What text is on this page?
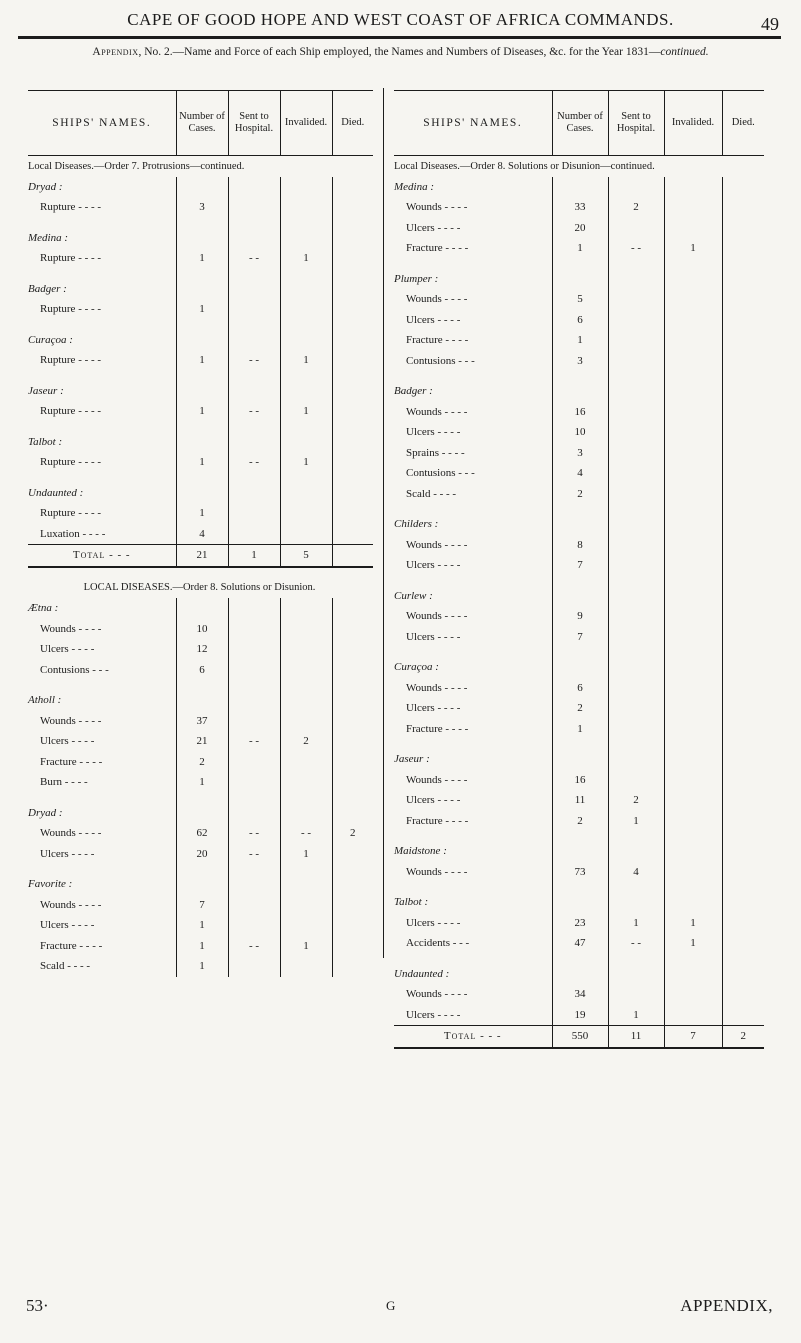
CAPE OF GOOD HOPE AND WEST COAST OF AFRICA COMMANDS.	49
Appendix, No. 2.—Name and Force of each Ship employed, the Names and Numbers of Diseases, &c. for the Year 1831—continued.
SHIPS' NAMES.	Number of Cases.	Sent to Hospital.	Invalided.	Died.
Local Diseases.—Order 7. Protrusions—continued.				
Dryad :				
Rupture - - - -	3			

Medina :				
Rupture - - - -	1	- -	1	

Badger :				
Rupture - - - -	1			

Curaçoa :				
Rupture - - - -	1	- -	1	

Jaseur :				
Rupture - - - -	1	- -	1	

Talbot :				
Rupture - - - -	1	- -	1	

Undaunted :				
Rupture - - - -	1			
Luxation - - - -	4			
Total - - -	21	1	5	

LOCAL DISEASES.—Order 8. Solutions or Disunion.				
Ætna :				
Wounds - - - -	10			
Ulcers - - - -	12			
Contusions - - -	6			

Atholl :				
Wounds - - - -	37			
Ulcers - - - -	21	- -	2	
Fracture - - - -	2			
Burn - - - -	1			

Dryad :				
Wounds - - - -	62	- -	- -	2
Ulcers - - - -	20	- -	1	

Favorite :				
Wounds - - - -	7			
Ulcers - - - -	1			
Fracture - - - -	1	- -	1	
Scald - - - -	1			
SHIPS' NAMES.	Number of Cases.	Sent to Hospital.	Invalided.	Died.
Local Diseases.—Order 8. Solutions or Disunion—continued.				
Medina :				
Wounds - - - -	33	2		
Ulcers - - - -	20			
Fracture - - - -	1	- -	1	

Plumper :				
Wounds - - - -	5			
Ulcers - - - -	6			
Fracture - - - -	1			
Contusions - - -	3			

Badger :				
Wounds - - - -	16			
Ulcers - - - -	10			
Sprains - - - -	3			
Contusions - - -	4			
Scald - - - -	2			

Childers :				
Wounds - - - -	8			
Ulcers - - - -	7			

Curlew :				
Wounds - - - -	9			
Ulcers - - - -	7			

Curaçoa :				
Wounds - - - -	6			
Ulcers - - - -	2			
Fracture - - - -	1			

Jaseur :				
Wounds - - - -	16			
Ulcers - - - -	11	2		
Fracture - - - -	2	1		

Maidstone :				
Wounds - - - -	73	4		

Talbot :				
Ulcers - - - -	23	1	1	
Accidents - - -	47	- -	1	

Undaunted :				
Wounds - - - -	34			
Ulcers - - - -	19	1		
Total - - -	550	11	7	2
53·	G	APPENDIX,
